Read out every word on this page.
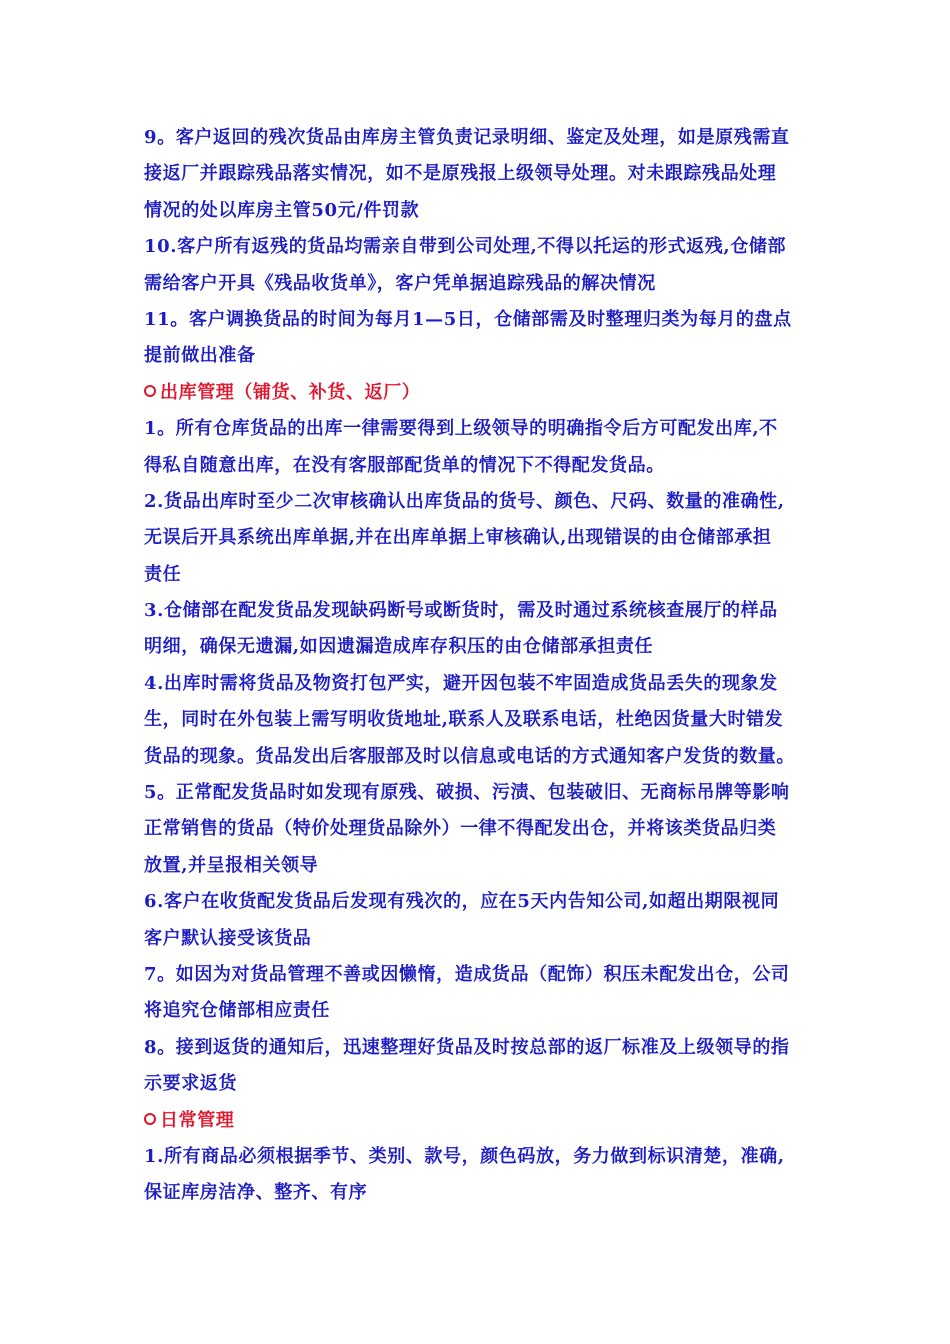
9。客户返回的残次货品由库房主管负责记录明细、鉴定及处理，如是原残需直
接返厂并跟踪残品落实情况，如不是原残报上级领导处理。对未跟踪残品处理
情况的处以库房主管50元/件罚款
10.客户所有返残的货品均需亲自带到公司处理,不得以托运的形式返残,仓储部
需给客户开具《残品收货单》，客户凭单据追踪残品的解决情况
11。客户调换货品的时间为每月1—5日，仓储部需及时整理归类为每月的盘点
提前做出准备
出库管理（铺货、补货、返厂）
1。所有仓库货品的出库一律需要得到上级领导的明确指令后方可配发出库,不
得私自随意出库，在没有客服部配货单的情况下不得配发货品。
2.货品出库时至少二次审核确认出库货品的货号、颜色、尺码、数量的准确性,
无误后开具系统出库单据,并在出库单据上审核确认,出现错误的由仓储部承担
责任
3.仓储部在配发货品发现缺码断号或断货时，需及时通过系统核查展厅的样品
明细，确保无遗漏,如因遗漏造成库存积压的由仓储部承担责任
4.出库时需将货品及物资打包严实，避开因包装不牢固造成货品丢失的现象发
生，同时在外包装上需写明收货地址,联系人及联系电话，杜绝因货量大时错发
货品的现象。货品发出后客服部及时以信息或电话的方式通知客户发货的数量。
5。正常配发货品时如发现有原残、破损、污渍、包装破旧、无商标吊牌等影响
正常销售的货品（特价处理货品除外）一律不得配发出仓，并将该类货品归类
放置,并呈报相关领导
6.客户在收货配发货品后发现有残次的，应在5天内告知公司,如超出期限视同
客户默认接受该货品
7。如因为对货品管理不善或因懒惰，造成货品（配饰）积压未配发出仓，公司
将追究仓储部相应责任
8。接到返货的通知后，迅速整理好货品及时按总部的返厂标准及上级领导的指
示要求返货
日常管理
1.所有商品必须根据季节、类别、款号，颜色码放，务力做到标识清楚，准确,
保证库房洁净、整齐、有序
